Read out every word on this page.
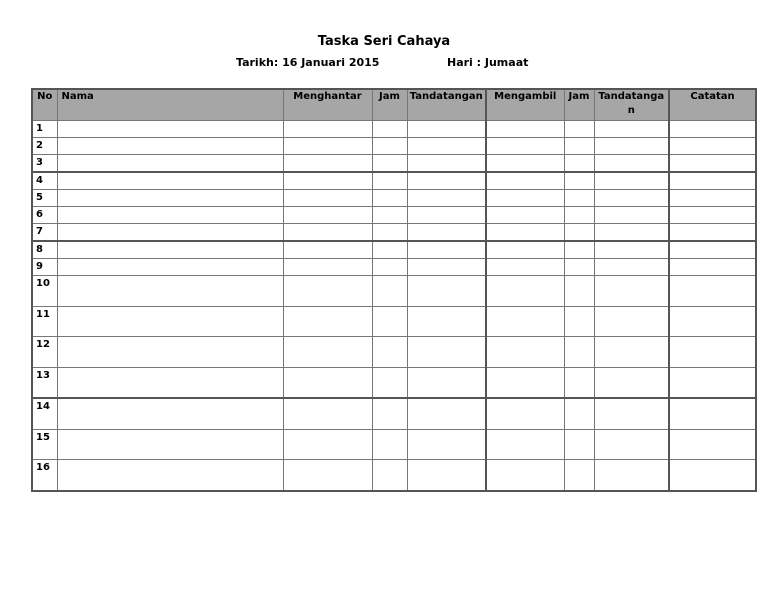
Taska Seri Cahaya
Tarikh: 16 Januari 2015	Hari : Jumaat
No	Nama	Menghantar	Jam	Tandatangan	Mengambil	Jam	Tandatangan	Catatan
1								
2								
3								
4								
5								
6								
7								
8								
9								
10								
11								
12								
13								
14								
15								
16								
